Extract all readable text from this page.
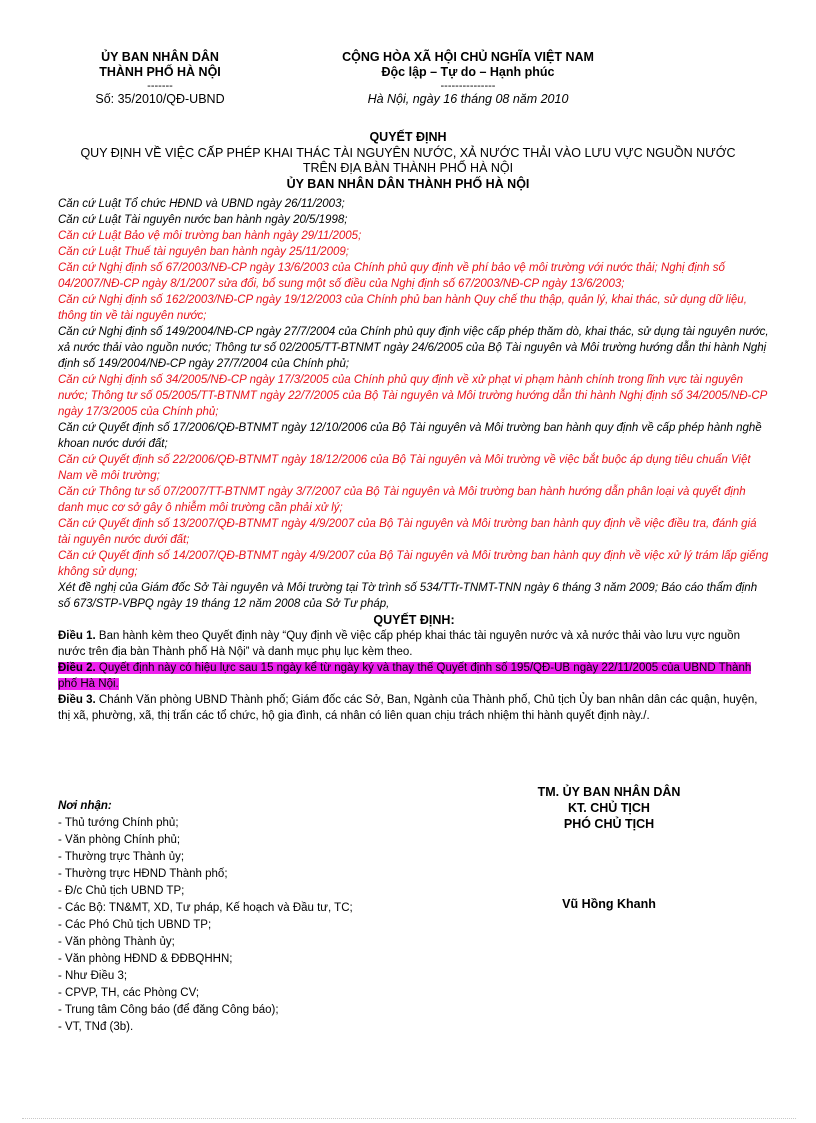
ỦY BAN NHÂN DÂN
THÀNH PHỐ HÀ NỘI
-------
Số: 35/2010/QĐ-UBND
CỘNG HÒA XÃ HỘI CHỦ NGHĨA VIỆT NAM
Độc lập – Tự do – Hạnh phúc
---------------
Hà Nội, ngày 16 tháng 08 năm 2010
QUYẾT ĐỊNH
QUY ĐỊNH VỀ VIỆC CẤP PHÉP KHAI THÁC TÀI NGUYÊN NƯỚC, XẢ NƯỚC THẢI VÀO LƯU VỰC NGUỒN NƯỚC
TRÊN ĐỊA BÀN THÀNH PHỐ HÀ NỘI
ỦY BAN NHÂN DÂN THÀNH PHỐ HÀ NỘI

Căn cứ Luật Tổ chức HĐND và UBND ngày 26/11/2003;

Căn cứ Luật Tài nguyên nước ban hành ngày 20/5/1998;

Căn cứ Luật Bảo vệ môi trường ban hành ngày 29/11/2005;

Căn cứ Luật Thuế tài nguyên ban hành ngày 25/11/2009;

Căn cứ Nghị định số 67/2003/NĐ-CP ngày 13/6/2003 của Chính phủ quy định về phí bảo vệ môi trường với nước thải; Nghị định số 04/2007/NĐ-CP ngày 8/1/2007 sửa đổi, bổ sung một số điều của Nghị định số 67/2003/NĐ-CP ngày 13/6/2003;

Căn cứ Nghị định số 162/2003/NĐ-CP ngày 19/12/2003 của Chính phủ ban hành Quy chế thu thập, quản lý, khai thác, sử dụng dữ liệu, thông tin về tài nguyên nước;

Căn cứ Nghị định số 149/2004/NĐ-CP ngày 27/7/2004 của Chính phủ quy định việc cấp phép thăm dò, khai thác, sử dụng tài nguyên nước, xả nước thải vào nguồn nước; Thông tư số 02/2005/TT-BTNMT ngày 24/6/2005 của Bộ Tài nguyên và Môi trường hướng dẫn thi hành Nghị định số 149/2004/NĐ-CP ngày 27/7/2004 của Chính phủ;

Căn cứ Nghị định số 34/2005/NĐ-CP ngày 17/3/2005 của Chính phủ quy định về xử phạt vi phạm hành chính trong lĩnh vực tài nguyên nước; Thông tư số 05/2005/TT-BTNMT ngày 22/7/2005 của Bộ Tài nguyên và Môi trường hướng dẫn thi hành Nghị định số 34/2005/NĐ-CP ngày 17/3/2005 của Chính phủ;

Căn cứ Quyết định số 17/2006/QĐ-BTNMT ngày 12/10/2006 của Bộ Tài nguyên và Môi trường ban hành quy định về cấp phép hành nghề khoan nước dưới đất;

Căn cứ Quyết định số 22/2006/QĐ-BTNMT ngày 18/12/2006 của Bộ Tài nguyên và Môi trường về việc bắt buộc áp dụng tiêu chuẩn Việt Nam về môi trường;

Căn cứ Thông tư số 07/2007/TT-BTNMT ngày 3/7/2007 của Bộ Tài nguyên và Môi trường ban hành hướng dẫn phân loại và quyết định danh mục cơ sở gây ô nhiễm môi trường cần phải xử lý;

Căn cứ Quyết định số 13/2007/QĐ-BTNMT ngày 4/9/2007 của Bộ Tài nguyên và Môi trường ban hành quy định về việc điều tra, đánh giá tài nguyên nước dưới đất;

Căn cứ Quyết định số 14/2007/QĐ-BTNMT ngày 4/9/2007 của Bộ Tài nguyên và Môi trường ban hành quy định về việc xử lý trám lấp giếng không sử dụng;

Xét đề nghị của Giám đốc Sở Tài nguyên và Môi trường tại Tờ trình số 534/TTr-TNMT-TNN ngày 6 tháng 3 năm 2009; Báo cáo thẩm định số 673/STP-VBPQ ngày 19 tháng 12 năm 2008 của Sở Tư pháp,

QUYẾT ĐỊNH:

Điều 1. Ban hành kèm theo Quyết định này “Quy định về việc cấp phép khai thác tài nguyên nước và xả nước thải vào lưu vực nguồn nước trên địa bàn Thành phố Hà Nội” và danh mục phụ lục kèm theo.

Điều 2. Quyết định này có hiệu lực sau 15 ngày kể từ ngày ký và thay thế Quyết định số 195/QĐ-UB ngày 22/11/2005 của UBND Thành phố Hà Nội.

Điều 3. Chánh Văn phòng UBND Thành phố; Giám đốc các Sở, Ban, Ngành của Thành phố, Chủ tịch Ủy ban nhân dân các quận, huyện, thị xã, phường, xã, thị trấn các tổ chức, hộ gia đình, cá nhân có liên quan chịu trách nhiệm thi hành quyết định này./.

Nơi nhận:
- Thủ tướng Chính phủ;
- Văn phòng Chính phủ;
- Thường trực Thành ủy;
- Thường trực HĐND Thành phố;
- Đ/c Chủ tịch UBND TP;
- Các Bộ: TN&MT, XD, Tư pháp, Kế hoạch và Đầu tư, TC;
- Các Phó Chủ tịch UBND TP;
- Văn phòng Thành ủy;
- Văn phòng HĐND & ĐĐBQHHN;
- Như Điều 3;
- CPVP, TH, các Phòng CV;
- Trung tâm Công báo (để đăng Công báo);
- VT, TNđ (3b).
TM. ỦY BAN NHÂN DÂN
KT. CHỦ TỊCH
PHÓ CHỦ TỊCH
Vũ Hồng Khanh
